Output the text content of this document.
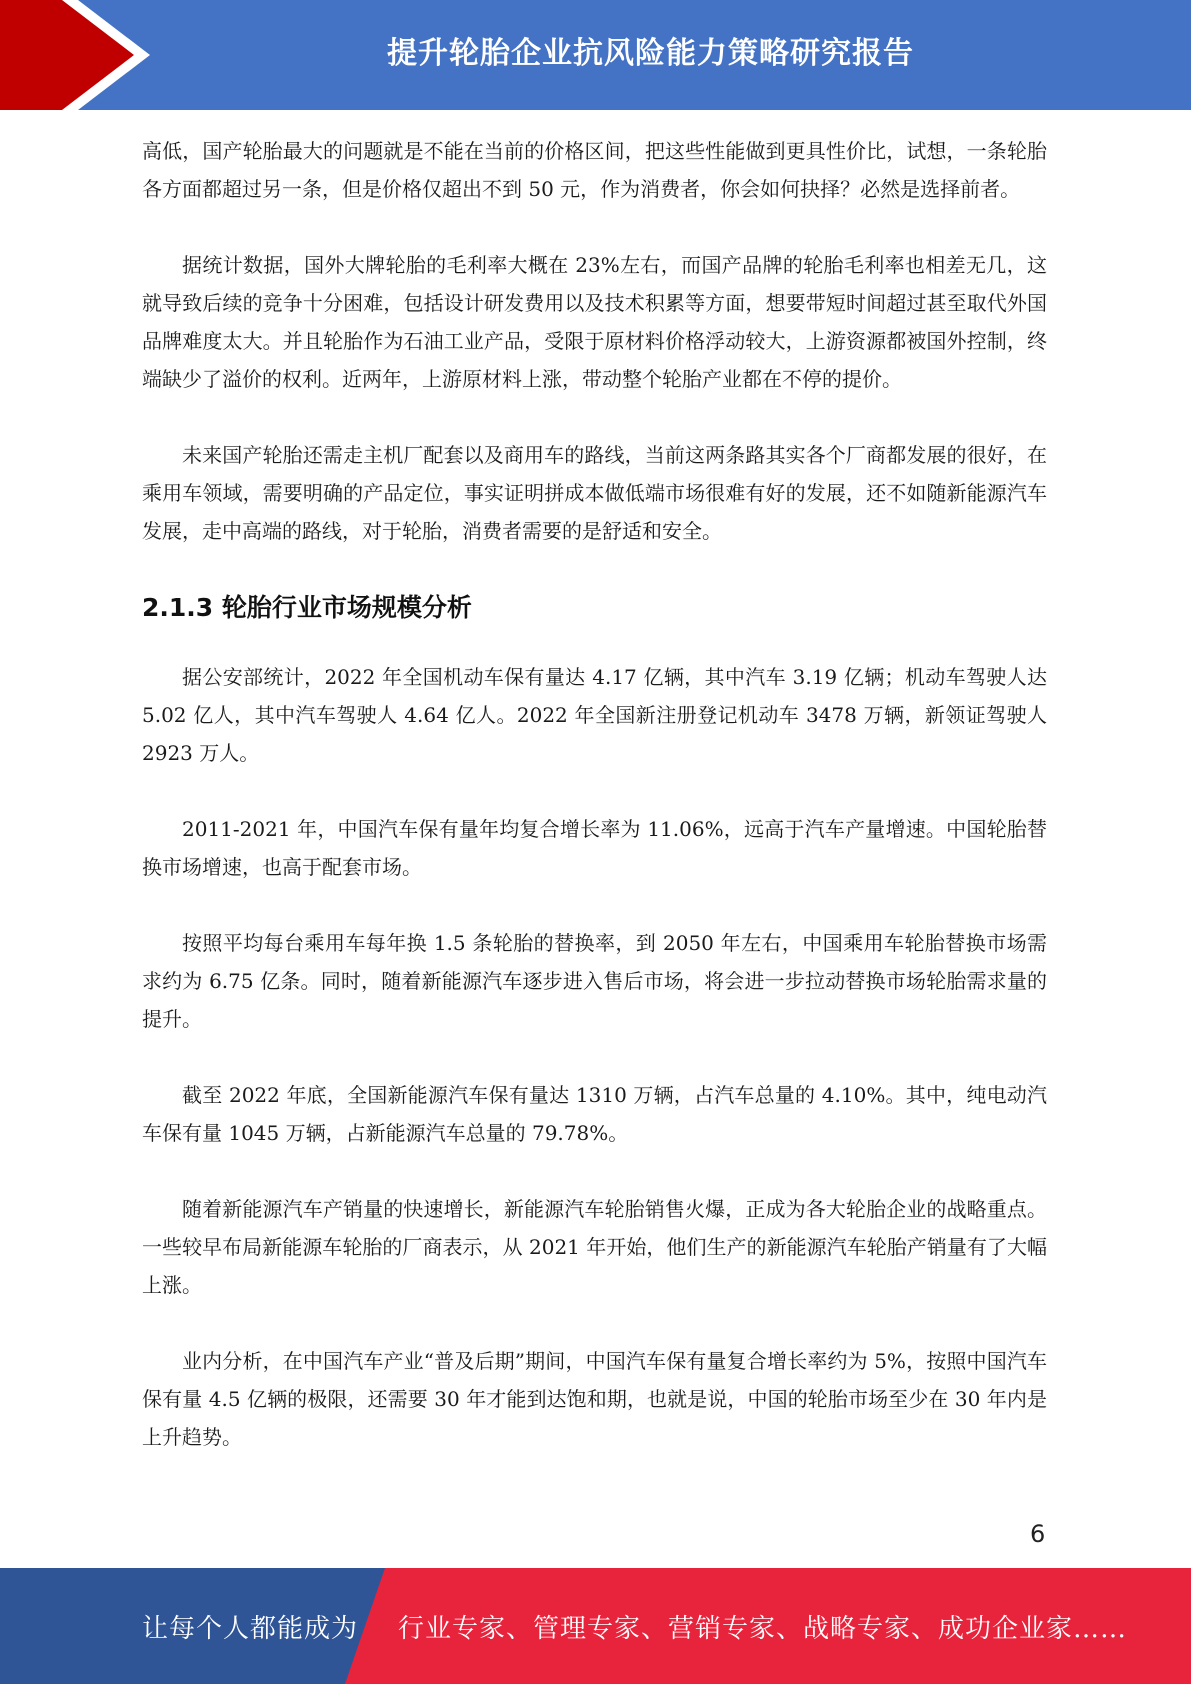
提升轮胎企业抗风险能力策略研究报告

高低，国产轮胎最大的问题就是不能在当前的价格区间，把这些性能做到更具性价比，试想，一条轮胎各方面都超过另一条，但是价格仅超出不到 50 元，作为消费者，你会如何抉择？必然是选择前者。

据统计数据，国外大牌轮胎的毛利率大概在 23%左右，而国产品牌的轮胎毛利率也相差无几，这就导致后续的竞争十分困难，包括设计研发费用以及技术积累等方面，想要带短时间超过甚至取代外国品牌难度太大。并且轮胎作为石油工业产品，受限于原材料价格浮动较大，上游资源都被国外控制，终端缺少了溢价的权利。近两年，上游原材料上涨，带动整个轮胎产业都在不停的提价。

未来国产轮胎还需走主机厂配套以及商用车的路线，当前这两条路其实各个厂商都发展的很好，在乘用车领域，需要明确的产品定位，事实证明拼成本做低端市场很难有好的发展，还不如随新能源汽车发展，走中高端的路线，对于轮胎，消费者需要的是舒适和安全。

2.1.3 轮胎行业市场规模分析

据公安部统计，2022 年全国机动车保有量达 4.17 亿辆，其中汽车 3.19 亿辆；机动车驾驶人达 5.02 亿人，其中汽车驾驶人 4.64 亿人。2022 年全国新注册登记机动车 3478 万辆，新领证驾驶人 2923 万人。

2011-2021 年，中国汽车保有量年均复合增长率为 11.06%，远高于汽车产量增速。中国轮胎替换市场增速，也高于配套市场。

按照平均每台乘用车每年换 1.5 条轮胎的替换率，到 2050 年左右，中国乘用车轮胎替换市场需求约为 6.75 亿条。同时，随着新能源汽车逐步进入售后市场，将会进一步拉动替换市场轮胎需求量的提升。

截至 2022 年底，全国新能源汽车保有量达 1310 万辆，占汽车总量的 4.10%。其中，纯电动汽车保有量 1045 万辆，占新能源汽车总量的 79.78%。

随着新能源汽车产销量的快速增长，新能源汽车轮胎销售火爆，正成为各大轮胎企业的战略重点。一些较早布局新能源车轮胎的厂商表示，从 2021 年开始，他们生产的新能源汽车轮胎产销量有了大幅上涨。

业内分析，在中国汽车产业“普及后期”期间，中国汽车保有量复合增长率约为 5%，按照中国汽车保有量 4.5 亿辆的极限，还需要 30 年才能到达饱和期，也就是说，中国的轮胎市场至少在 30 年内是上升趋势。

6
让每个人都能成为 行业专家、管理专家、营销专家、战略专家、成功企业家……
